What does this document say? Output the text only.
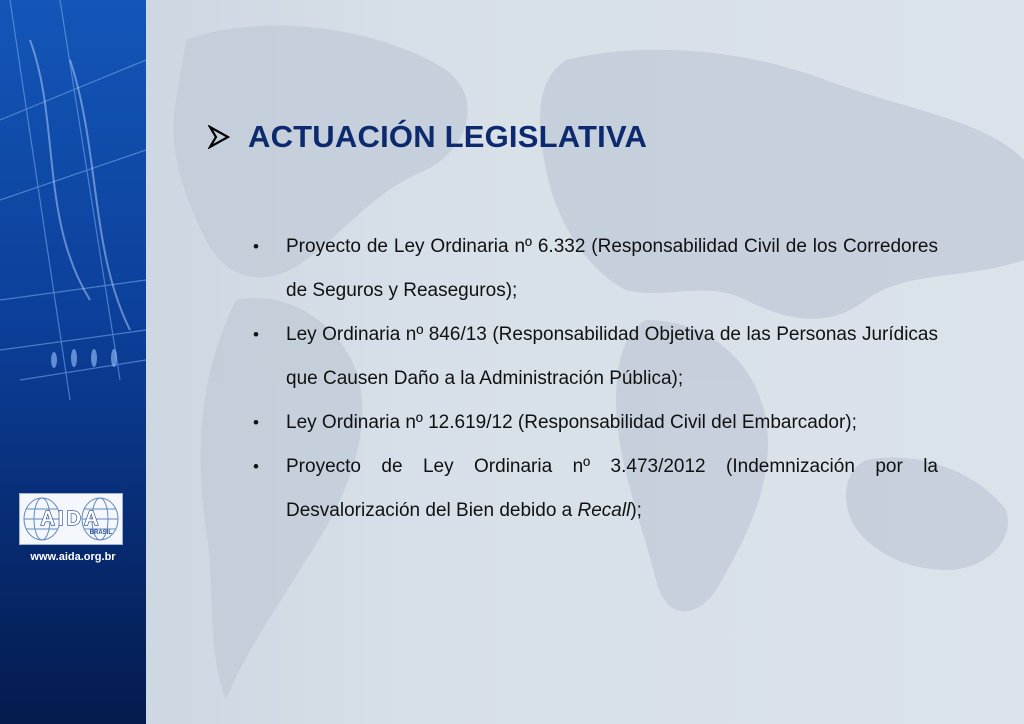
AIDA
BRASIL
www.aida.org.br
ACTUACIÓN LEGISLATIVA
• Proyecto de Ley Ordinaria nº 6.332 (Responsabilidad Civil de los Corredores de Seguros y Reaseguros);
• Ley Ordinaria nº 846/13 (Responsabilidad Objetiva de las Personas Jurídicas que Causen Daño a la Administración Pública);
• Ley Ordinaria nº 12.619/12 (Responsabilidad Civil del Embarcador);
• Proyecto de Ley Ordinaria nº 3.473/2012 (Indemnización por la Desvalorización del Bien debido a Recall);
